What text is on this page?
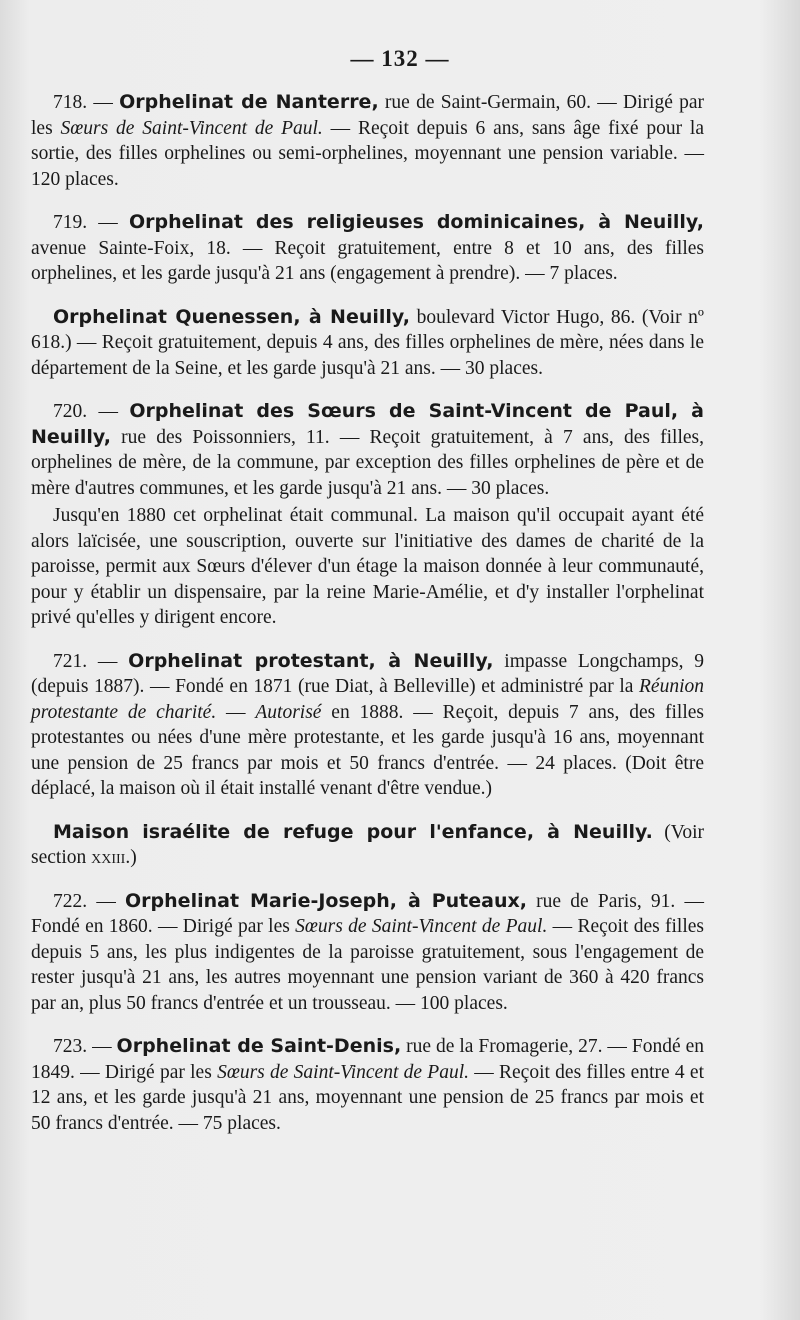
— 132 —

718. — Orphelinat de Nanterre, rue de Saint-Germain, 60. — Dirigé par les Sœurs de Saint-Vincent de Paul. — Reçoit depuis 6 ans, sans âge fixé pour la sortie, des filles orphelines ou semi-orphelines, moyennant une pension variable. — 120 places.

719. — Orphelinat des religieuses dominicaines, à Neuilly, avenue Sainte-Foix, 18. — Reçoit gratuitement, entre 8 et 10 ans, des filles orphelines, et les garde jusqu'à 21 ans (engagement à prendre). — 7 places.

Orphelinat Quenessen, à Neuilly, boulevard Victor Hugo, 86. (Voir nº 618.) — Reçoit gratuitement, depuis 4 ans, des filles orphelines de mère, nées dans le département de la Seine, et les garde jusqu'à 21 ans. — 30 places.

720. — Orphelinat des Sœurs de Saint-Vincent de Paul, à Neuilly, rue des Poissonniers, 11. — Reçoit gratuitement, à 7 ans, des filles, orphelines de mère, de la commune, par exception des filles orphelines de père et de mère d'autres communes, et les garde jusqu'à 21 ans. — 30 places.

Jusqu'en 1880 cet orphelinat était communal. La maison qu'il occupait ayant été alors laïcisée, une souscription, ouverte sur l'initiative des dames de charité de la paroisse, permit aux Sœurs d'élever d'un étage la maison donnée à leur communauté, pour y établir un dispensaire, par la reine Marie-Amélie, et d'y installer l'orphelinat privé qu'elles y dirigent encore.

721. — Orphelinat protestant, à Neuilly, impasse Longchamps, 9 (depuis 1887). — Fondé en 1871 (rue Diat, à Belleville) et administré par la Réunion protestante de charité. — Autorisé en 1888. — Reçoit, depuis 7 ans, des filles protestantes ou nées d'une mère protestante, et les garde jusqu'à 16 ans, moyennant une pension de 25 francs par mois et 50 francs d'entrée. — 24 places. (Doit être déplacé, la maison où il était installé venant d'être vendue.)

Maison israélite de refuge pour l'enfance, à Neuilly. (Voir section xxiii.)

722. — Orphelinat Marie-Joseph, à Puteaux, rue de Paris, 91. — Fondé en 1860. — Dirigé par les Sœurs de Saint-Vincent de Paul. — Reçoit des filles depuis 5 ans, les plus indigentes de la paroisse gratuitement, sous l'engagement de rester jusqu'à 21 ans, les autres moyennant une pension variant de 360 à 420 francs par an, plus 50 francs d'entrée et un trousseau. — 100 places.

723. — Orphelinat de Saint-Denis, rue de la Fromagerie, 27. — Fondé en 1849. — Dirigé par les Sœurs de Saint-Vincent de Paul. — Reçoit des filles entre 4 et 12 ans, et les garde jusqu'à 21 ans, moyennant une pension de 25 francs par mois et 50 francs d'entrée. — 75 places.
